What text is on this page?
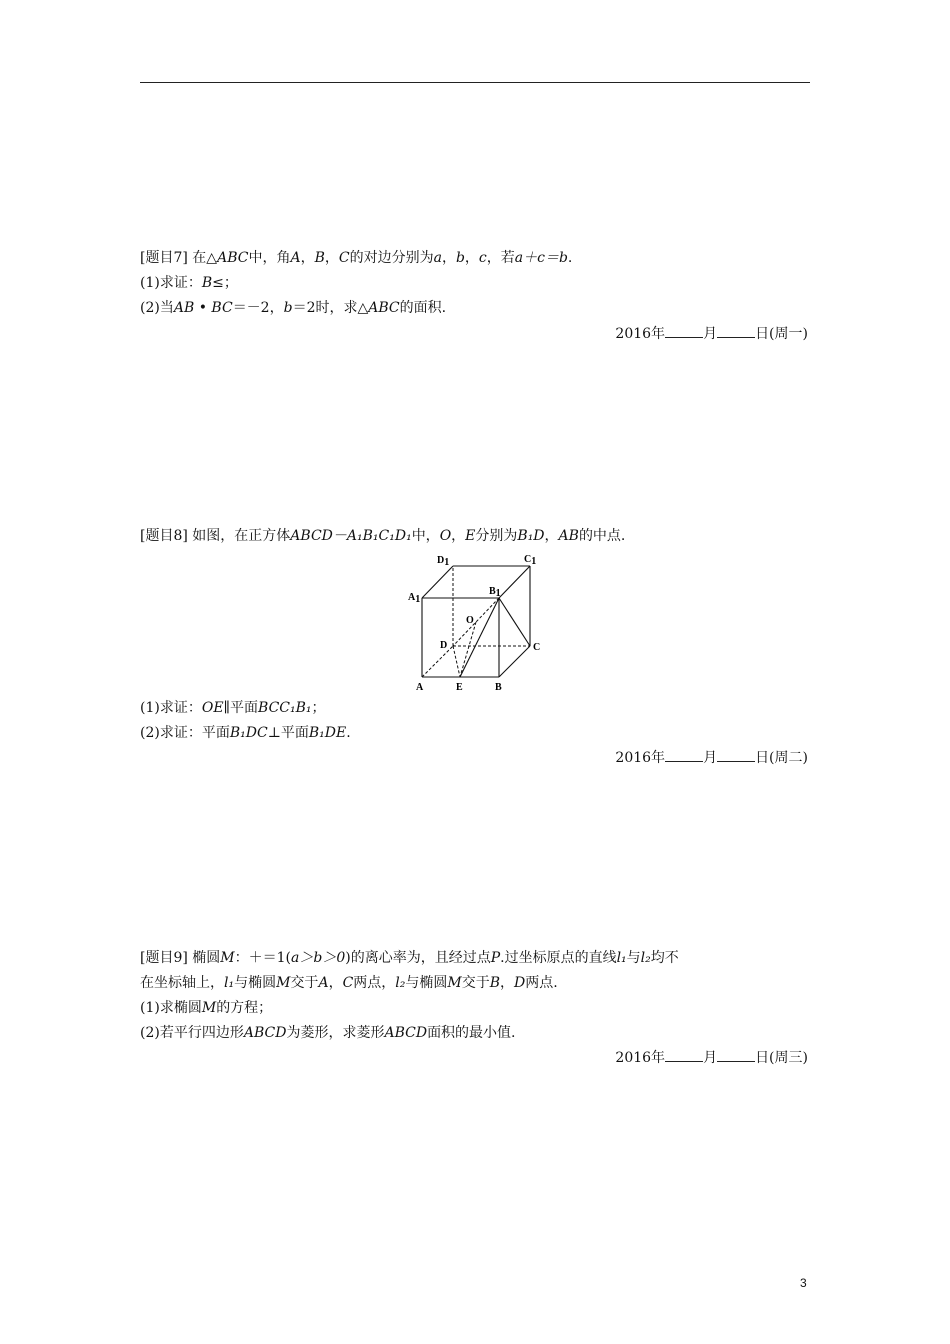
[题目7] 在△ABC中，角A，B，C的对边分别为a，b，c，若a＋c＝b.
(1)求证：B≤；
(2)当AB • BC＝－2，b＝2时，求△ABC的面积.
2016年	月	日(周一)
[题目8] 如图，在正方体ABCD－A₁B₁C₁D₁中，O，E分别为B₁D，AB的中点.
D1	C1
B1
A1
O
D	C
A	E	B
(1)求证：OE∥平面BCC₁B₁；
(2)求证：平面B₁DC⊥平面B₁DE.
2016年	月	日(周二)
[题目9] 椭圆M：＋＝1(a＞b＞0)的离心率为，且经过点P.过坐标原点的直线l₁与l₂均不
在坐标轴上，l₁与椭圆M交于A，C两点，l₂与椭圆M交于B，D两点.
(1)求椭圆M的方程；
(2)若平行四边形ABCD为菱形，求菱形ABCD面积的最小值.
2016年	月	日(周三)
3
